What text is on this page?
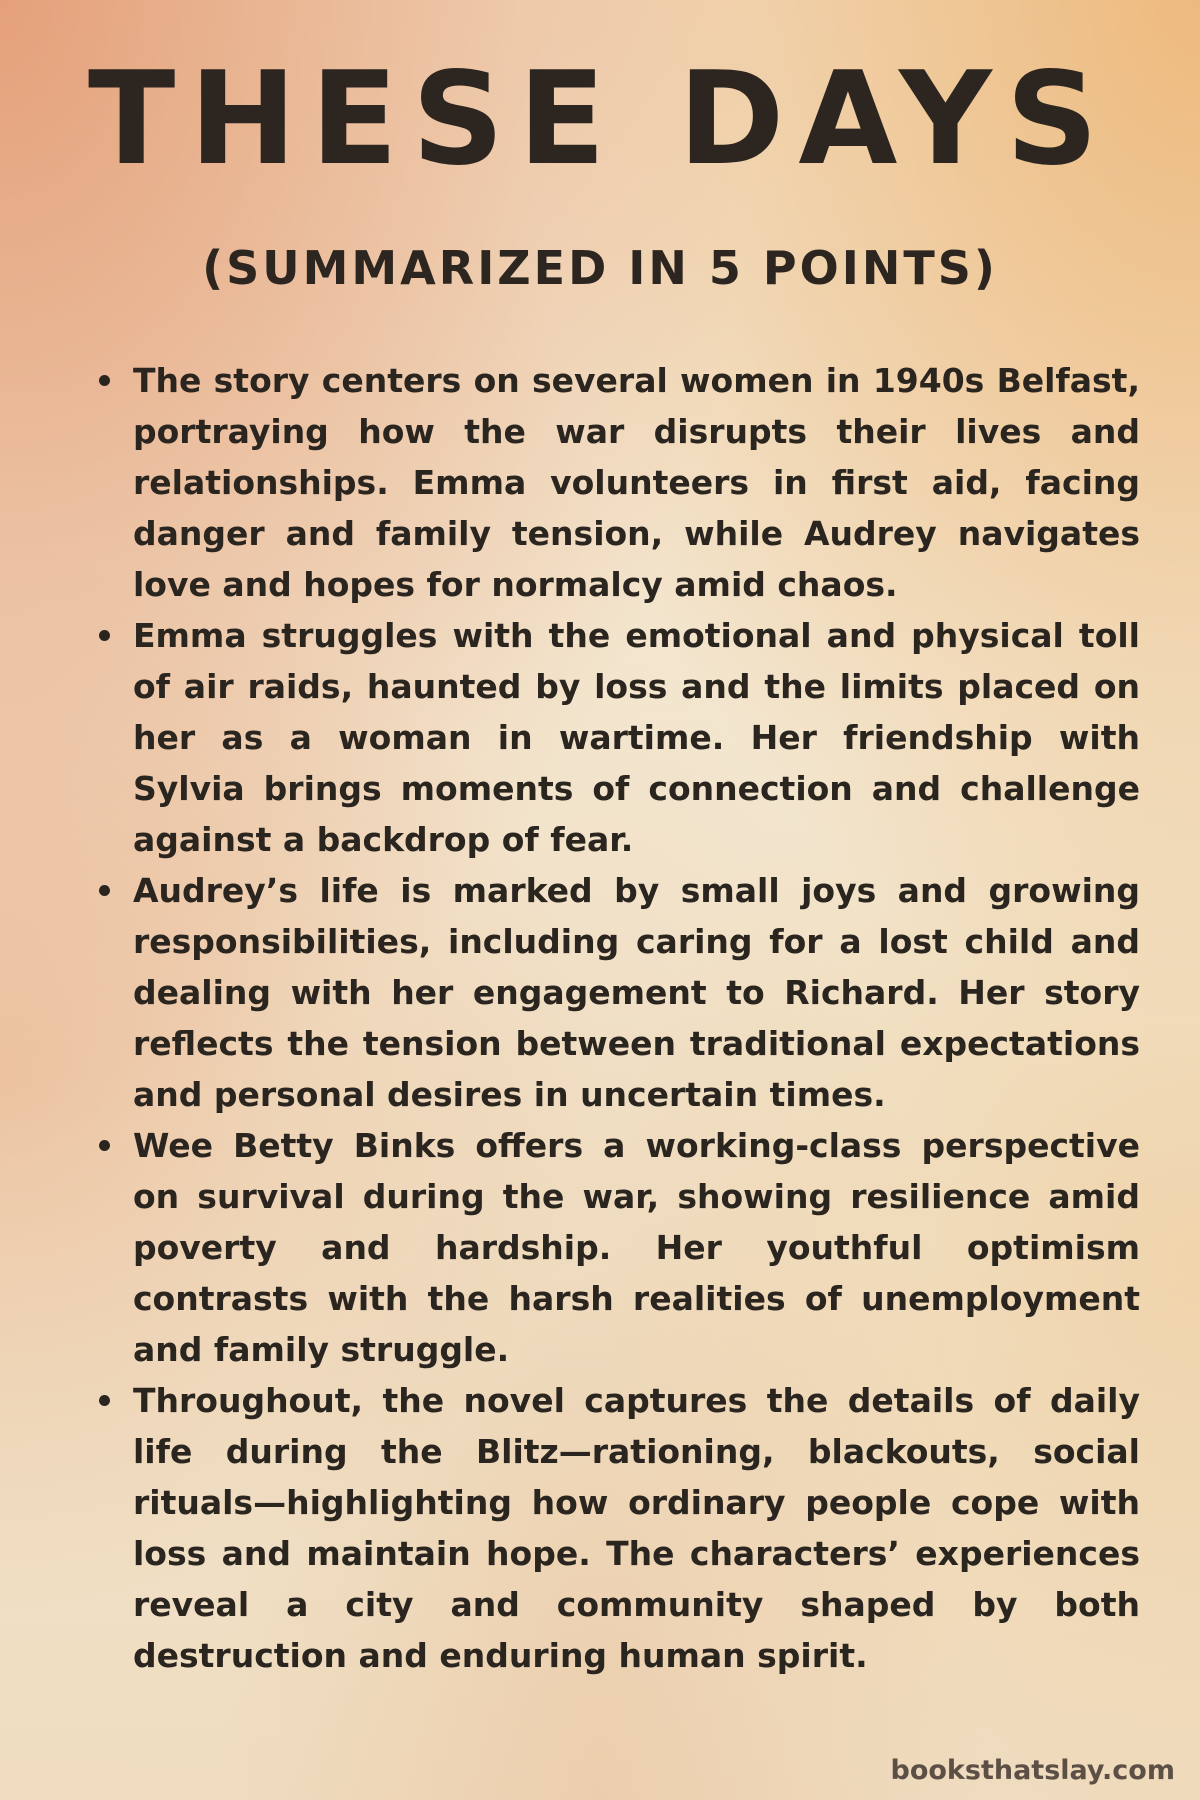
THESE DAYS
(SUMMARIZED IN 5 POINTS)
The story centers on several women in 1940s Belfast, portraying how the war disrupts their lives and relationships. Emma volunteers in first aid, facing danger and family tension, while Audrey navigates love and hopes for normalcy amid chaos.
Emma struggles with the emotional and physical toll of air raids, haunted by loss and the limits placed on her as a woman in wartime. Her friendship with Sylvia brings moments of connection and challenge against a backdrop of fear.
Audrey’s life is marked by small joys and growing responsibilities, including caring for a lost child and dealing with her engagement to Richard. Her story reflects the tension between traditional expectations and personal desires in uncertain times.
Wee Betty Binks offers a working-class perspective on survival during the war, showing resilience amid poverty and hardship. Her youthful optimism contrasts with the harsh realities of unemployment and family struggle.
Throughout, the novel captures the details of daily life during the Blitz—rationing, blackouts, social rituals—highlighting how ordinary people cope with loss and maintain hope. The characters’ experiences reveal a city and community shaped by both destruction and enduring human spirit.
booksthatslay.com
